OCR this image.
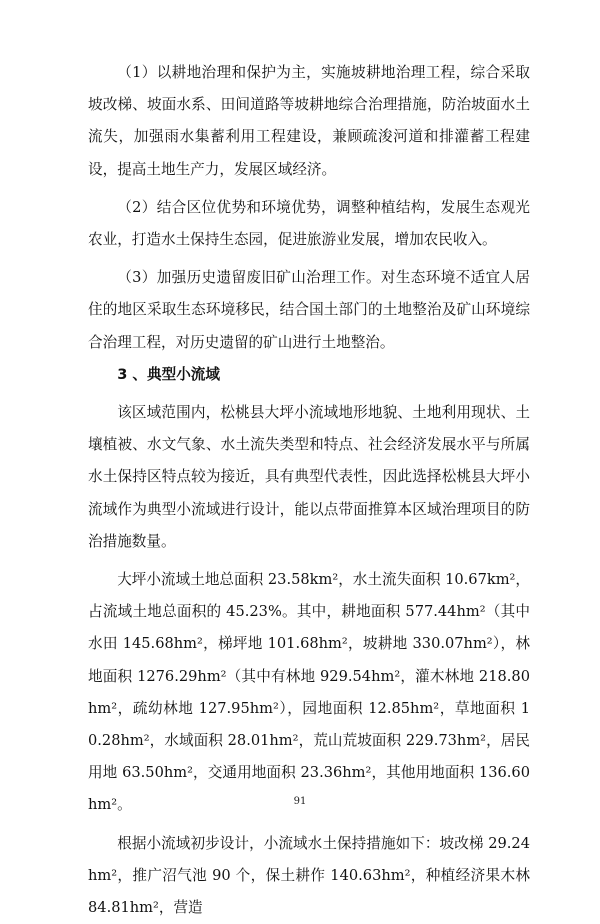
（1）以耕地治理和保护为主，实施坡耕地治理工程，综合采取坡改梯、坡面水系、田间道路等坡耕地综合治理措施，防治坡面水土流失，加强雨水集蓄利用工程建设，兼顾疏浚河道和排灌蓄工程建设，提高土地生产力，发展区域经济。

（2）结合区位优势和环境优势，调整种植结构，发展生态观光农业，打造水土保持生态园，促进旅游业发展，增加农民收入。

（3）加强历史遗留废旧矿山治理工作。对生态环境不适宜人居住的地区采取生态环境移民，结合国土部门的土地整治及矿山环境综合治理工程，对历史遗留的矿山进行土地整治。

3 、典型小流域

该区域范围内，松桃县大坪小流域地形地貌、土地利用现状、土壤植被、水文气象、水土流失类型和特点、社会经济发展水平与所属水土保持区特点较为接近，具有典型代表性，因此选择松桃县大坪小流域作为典型小流域进行设计，能以点带面推算本区域治理项目的防治措施数量。

大坪小流域土地总面积 23.58km²，水土流失面积 10.67km²，占流域土地总面积的 45.23%。其中，耕地面积 577.44hm²（其中水田 145.68hm²，梯坪地 101.68hm²，坡耕地 330.07hm²），林地面积 1276.29hm²（其中有林地 929.54hm²，灌木林地 218.80hm²，疏幼林地 127.95hm²），园地面积 12.85hm²，草地面积 10.28hm²，水域面积 28.01hm²，荒山荒坡面积 229.73hm²，居民用地 63.50hm²，交通用地面积 23.36hm²，其他用地面积 136.60hm²。

根据小流域初步设计，小流域水土保持措施如下：坡改梯 29.24hm²，推广沼气池 90 个，保土耕作 140.63hm²，种植经济果木林 84.81hm²，营造

91
